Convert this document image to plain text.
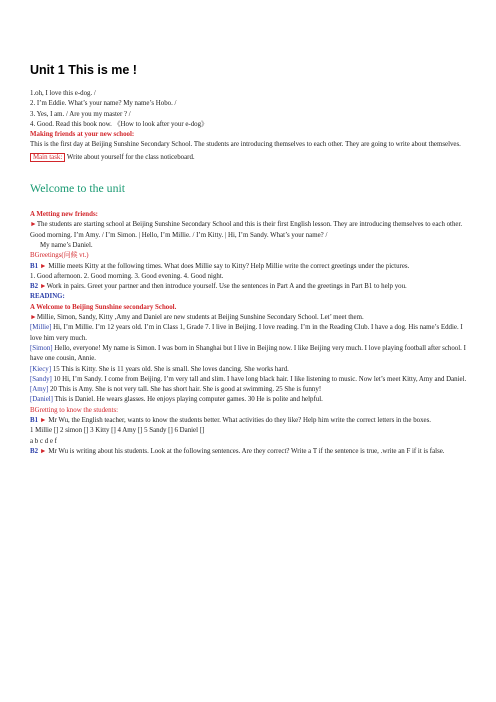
Unit 1 This is me !
1.oh, I love this e-dog. /
2. I’m Eddie. What’s your name? My name’s Hobo. /
3. Yes, I am. / Are you my master ? /
4. Good. Read this book now. 《How to look after your e-dog》
Making friends at your new school:
This is the first day at Beijing Sunshine Secondary School. The students are introducing themselves to each other. They are going to write about themselves.
Main task: Write about yourself for the class noticeboard.
Welcome to the unit
A Metting new friends:
►The students are starting school at Beijing Sunshine Secondary School and this is their first English lesson. They are introducing themselves to each other.
Good morning. I’m Amy. / I’m Simon. | Hello, I’m Millie. / I’m Kitty. | Hi, I’m Sandy. What’s your name? /
My name’s Daniel.
BGreetings(问候 vt.)
B1 ► Millie meets Kitty at the following times. What does Millie say to Kitty? Help Millie write the correct greetings under the pictures.
1. Good afternoon. 2. Good morning. 3. Good evening. 4. Good night.
B2 ►Work in pairs. Greet your partner and then introduce yourself. Use the sentences in Part A and the greetings in Part B1 to help you.
READING:
A Welcome to Beijing Sunshine secondary School.
►Millie, Simon, Sandy, Kitty ,Amy and Daniel are new students at Beijing Sunshine Secondary School. Let’ meet them.
[Millie] Hi, I’m Millie. I’m 12 years old. I’m in Class 1, Grade 7. I live in Beijing. I love reading. I’m in the Reading Club. I have a dog. His name’s Eddie. I love him very much.
[Simon] Hello, everyone! My name is Simon. I was born in Shanghai but I live in Beijing now. I like Beijing very much. I love playing football after school. I have one cousin, Annie.
[Kiecy] 15 This is Kitty. She is 11 years old. She is small. She loves dancing. She works hard.
[Sandy] 10 Hi, I’m Sandy. I come from Beijing. I’m very tall and slim. I have long black hair. I like listening to music. Now let’s meet Kitty, Amy and Daniel.
[Amy] 20 This is Amy. She is not very tall. She has short hair. She is good at swimming. 25 She is funny!
[Daniel] This is Daniel. He wears glasses. He enjoys playing computer games. 30 He is polite and helpful.
BGretting to know the students:
B1 ► Mr Wu, the English teacher, wants to know the students better. What activities do they like? Help him write the correct letters in the boxes.
1 Millie [] 2 simon [] 3 Kitty [] 4 Amy [] 5 Sandy [] 6 Daniel []
a b c d e f
B2 ► Mr Wu is writing about his students. Look at the following sentences. Are they correct? Write a T if the sentence is true, .write an F if it is false.
